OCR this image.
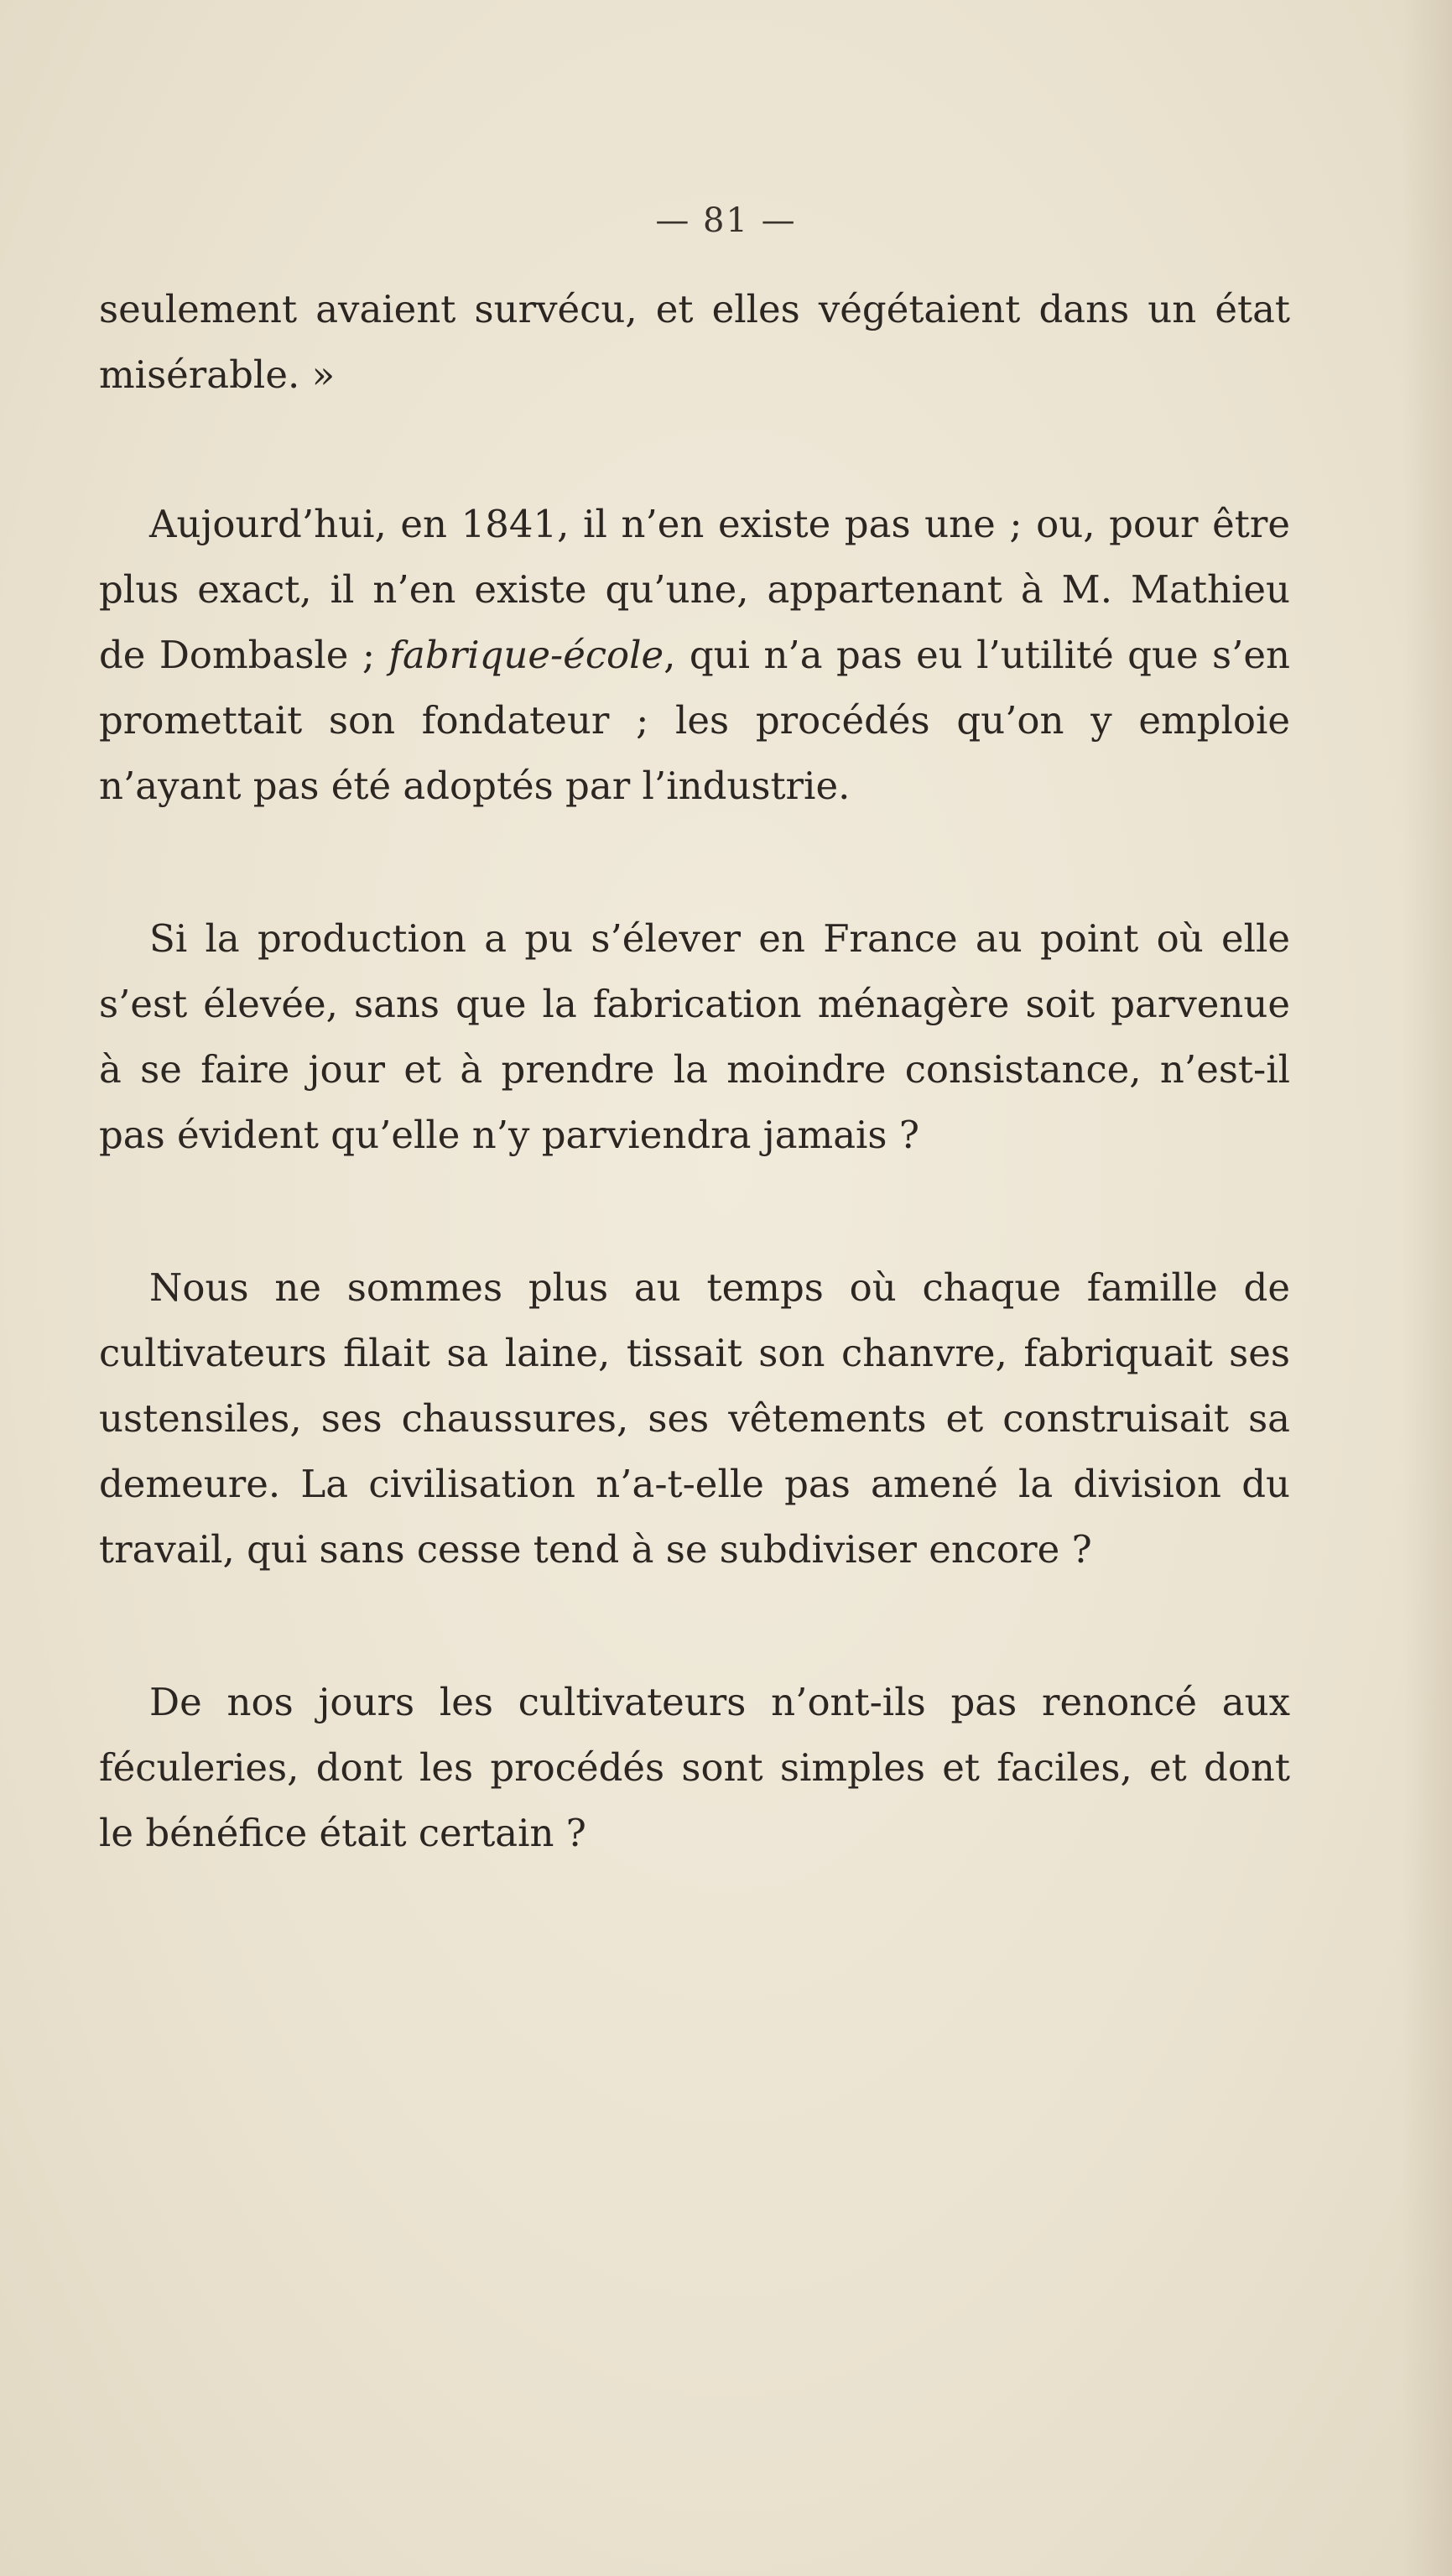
— 81 —

seulement avaient survécu, et elles végétaient dans un état misérable. »

Aujourd’hui, en 1841, il n’en existe pas une ; ou, pour être plus exact, il n’en existe qu’une, appartenant à M. Mathieu de Dombasle ; fabrique-école, qui n’a pas eu l’utilité que s’en promettait son fondateur ; les procédés qu’on y emploie n’ayant pas été adoptés par l’industrie.

Si la production a pu s’élever en France au point où elle s’est élevée, sans que la fabrication ménagère soit parvenue à se faire jour et à prendre la moindre consistance, n’est-il pas évident qu’elle n’y parviendra jamais ?

Nous ne sommes plus au temps où chaque famille de cultivateurs filait sa laine, tissait son chanvre, fabriquait ses ustensiles, ses chaussures, ses vêtements et construisait sa demeure. La civilisation n’a-t-elle pas amené la division du travail, qui sans cesse tend à se subdiviser encore ?

De nos jours les cultivateurs n’ont-ils pas renoncé aux féculeries, dont les procédés sont simples et faciles, et dont le bénéfice était certain ?
